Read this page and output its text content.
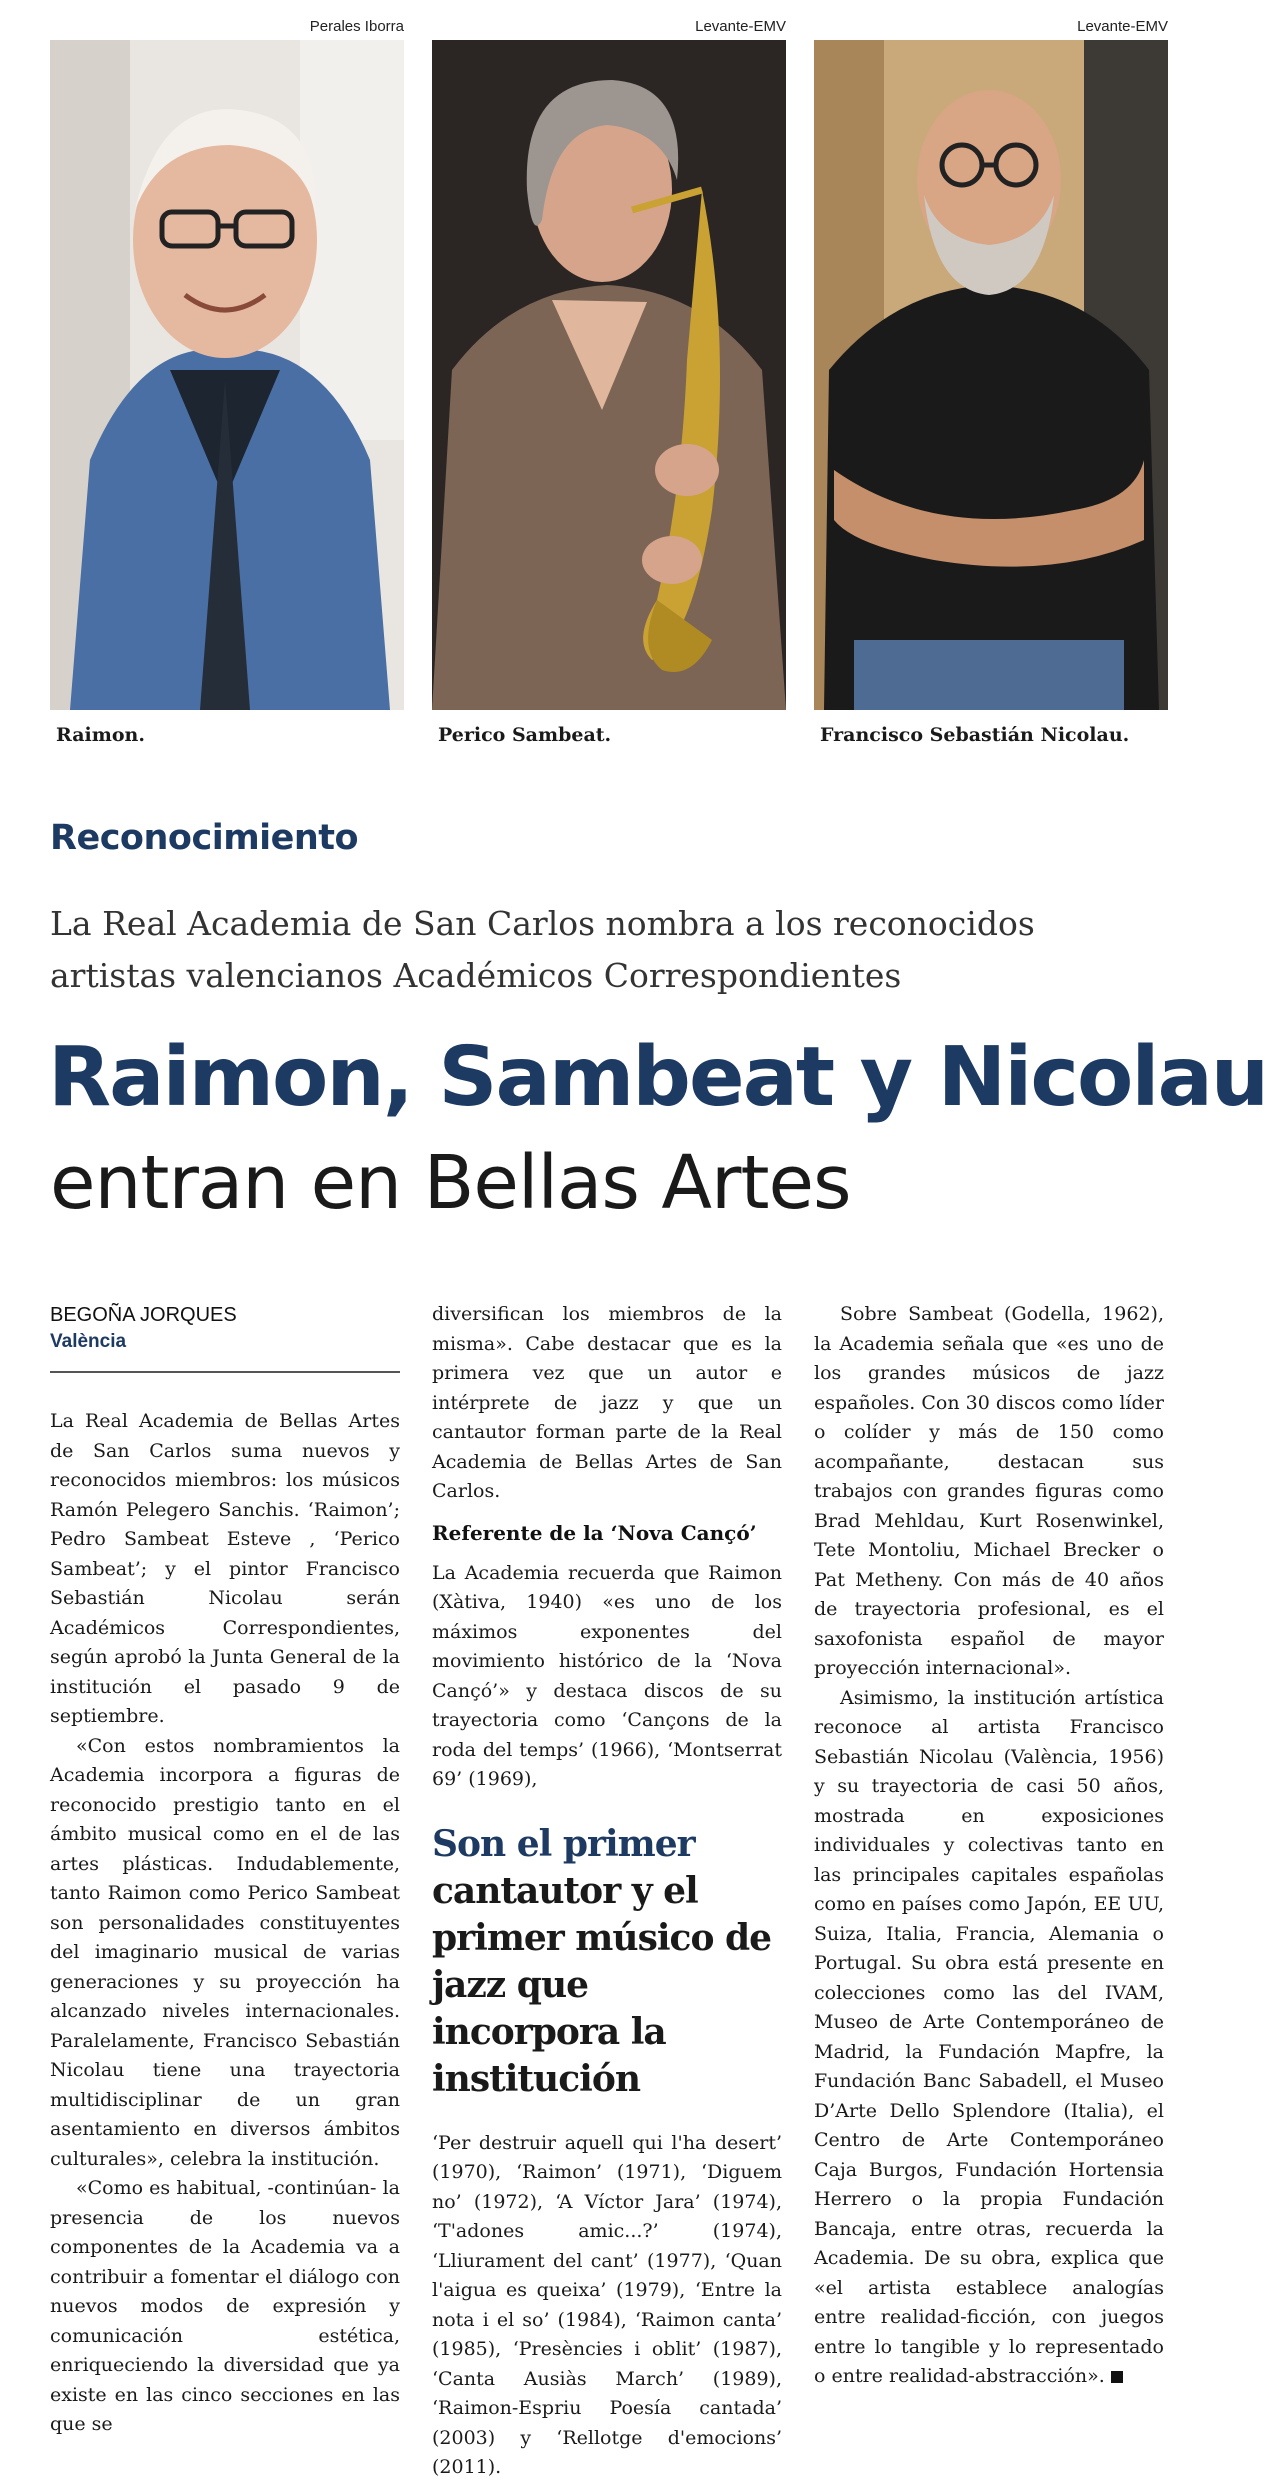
Perales Iborra
Raimon.
Levante-EMV
Perico Sambeat.
Levante-EMV
Francisco Sebastián Nicolau.
Reconocimiento
La Real Academia de San Carlos nombra a los reconocidos artistas valencianos Académicos Correspondientes
Raimon, Sambeat y Nicolau
entran en Bellas Artes
BEGOÑA JORQUES
València

La Real Academia de Bellas Artes de San Carlos suma nuevos y reconocidos miembros: los músicos Ramón Pelegero Sanchis. ‘Raimon’; Pedro Sambeat Esteve , ‘Perico Sambeat’; y el pintor Francisco Sebastián Nicolau serán Académicos Correspondientes, según aprobó la Junta General de la institución el pasado 9 de septiembre.

«Con estos nombramientos la Academia incorpora a figuras de reconocido prestigio tanto en el ámbito musical como en el de las artes plásticas. Indudablemente, tanto Raimon como Perico Sambeat son personalidades constituyentes del imaginario musical de varias generaciones y su proyección ha alcanzado niveles internacionales. Paralelamente, Francisco Sebastián Nicolau tiene una trayectoria multidisciplinar de un gran asentamiento en diversos ámbitos culturales», celebra la institución.

«Como es habitual, -continúan- la presencia de los nuevos componentes de la Academia va a contribuir a fomentar el diálogo con nuevos modos de expresión y comunicación estética, enriqueciendo la diversidad que ya existe en las cinco secciones en las que se

diversifican los miembros de la misma». Cabe destacar que es la primera vez que un autor e intérprete de jazz y que un cantautor forman parte de la Real Academia de Bellas Artes de San Carlos.

Referente de la ‘Nova Cançó’

La Academia recuerda que Raimon (Xàtiva, 1940) «es uno de los máximos exponentes del movimiento histórico de la ‘Nova Cançó’» y destaca discos de su trayectoria como ‘Cançons de la roda del temps’ (1966), ‘Montserrat 69’ (1969),

Son el primer cantautor y el primer músico de jazz que incorpora la institución

‘Per destruir aquell qui l'ha desert’ (1970), ‘Raimon’ (1971), ‘Diguem no’ (1972), ‘A Víctor Jara’ (1974), ‘T'adones amic...?’ (1974), ‘Lliurament del cant’ (1977), ‘Quan l'aigua es queixa’ (1979), ‘Entre la nota i el so’ (1984), ‘Raimon canta’ (1985), ‘Presències i oblit’ (1987), ‘Canta Ausiàs March’ (1989), ‘Raimon-Espriu Poesía cantada’ (2003) y ‘Rellotge d'emocions’ (2011).

Sobre Sambeat (Godella, 1962), la Academia señala que «es uno de los grandes músicos de jazz españoles. Con 30 discos como líder o colíder y más de 150 como acompañante, destacan sus trabajos con grandes figuras como Brad Mehldau, Kurt Rosenwinkel, Tete Montoliu, Michael Brecker o Pat Metheny. Con más de 40 años de trayectoria profesional, es el saxofonista español de mayor proyección internacional».

Asimismo, la institución artística reconoce al artista Francisco Sebastián Nicolau (València, 1956) y su trayectoria de casi 50 años, mostrada en exposiciones individuales y colectivas tanto en las principales capitales españolas como en países como Japón, EE UU, Suiza, Italia, Francia, Alemania o Portugal. Su obra está presente en colecciones como las del IVAM, Museo de Arte Contemporáneo de Madrid, la Fundación Mapfre, la Fundación Banc Sabadell, el Museo D’Arte Dello Splendore (Italia), el Centro de Arte Contemporáneo Caja Burgos, Fundación Hortensia Herrero o la propia Fundación Bancaja, entre otras, recuerda la Academia. De su obra, explica que «el artista establece analogías entre realidad-ficción, con juegos entre lo tangible y lo representado o entre realidad-abstracción».
